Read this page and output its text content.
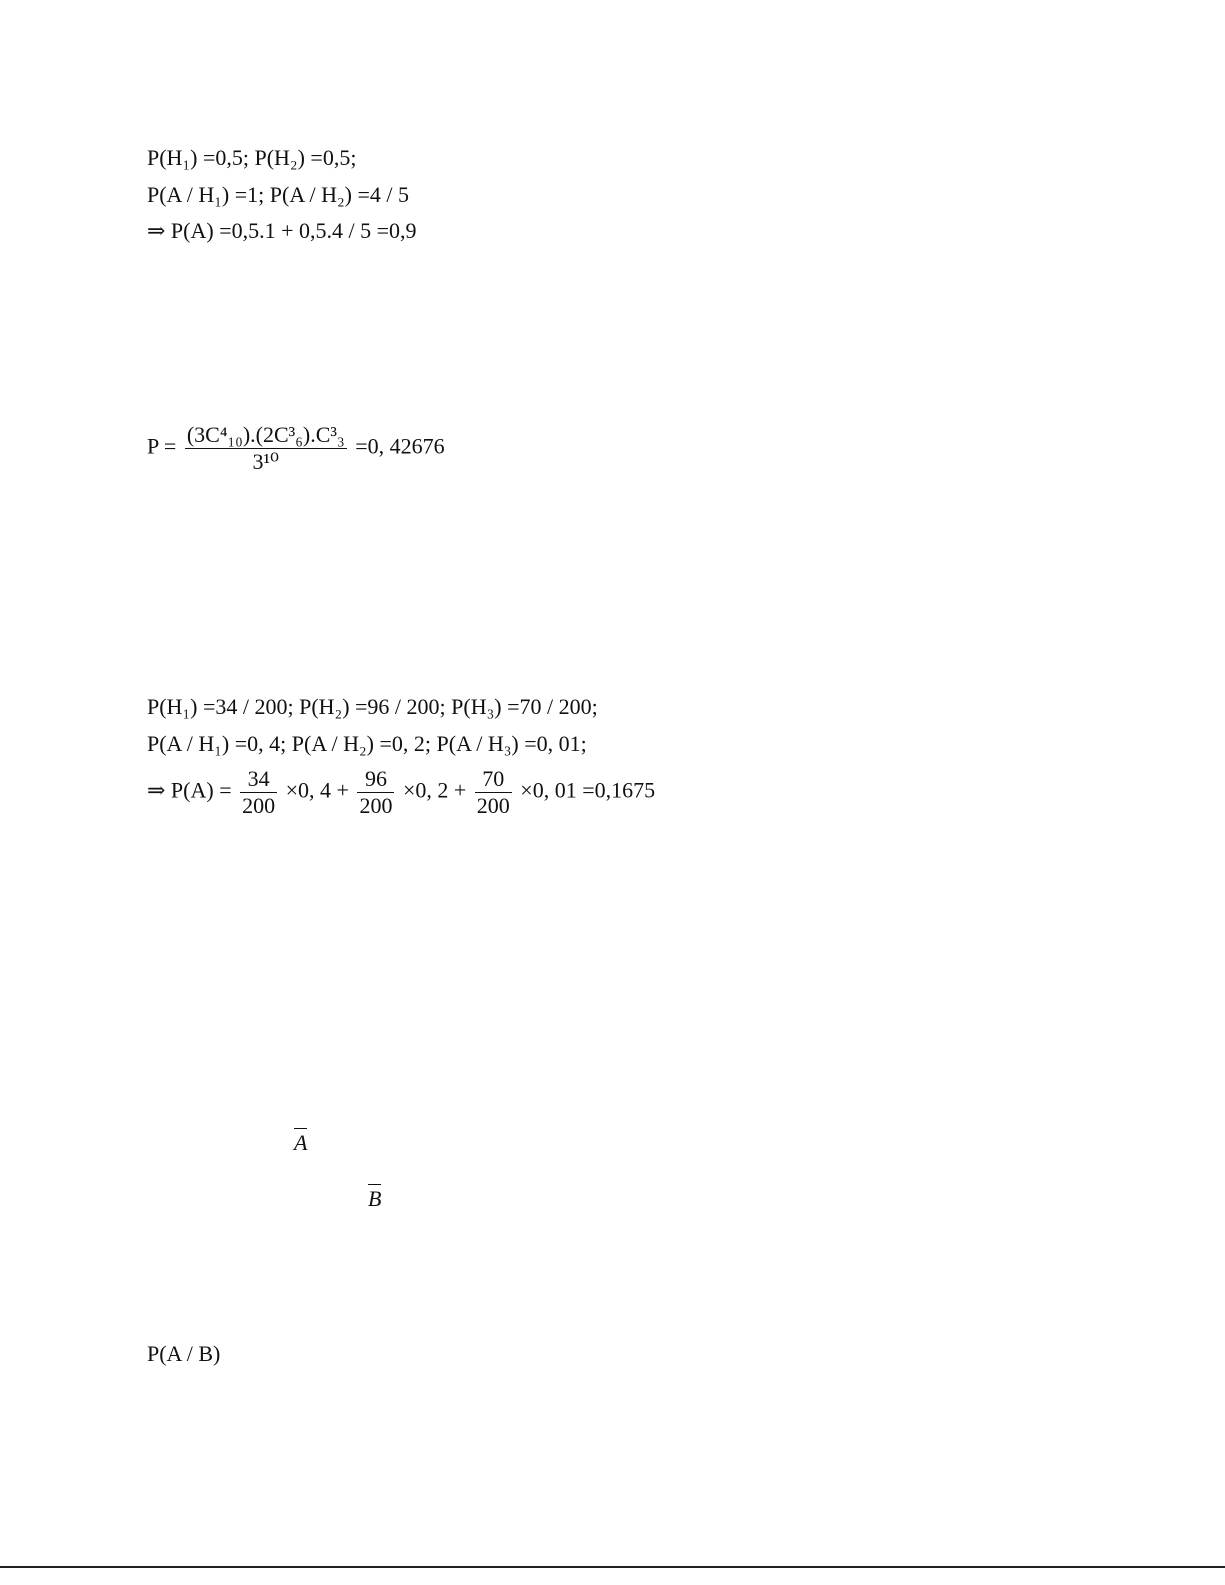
P(H₁) =0,5; P(H₂) =0,5;
P(A / H₁) =1; P(A / H₂) =4 / 5
⇒ P(A) =0,5.1 + 0,5.4 / 5 =0,9
$P = \frac{\text{(3C⁴₁₀).(2C³₆).C³₃}}{\text{3¹⁰}} =0$, 42676
P(H₁) =34 / 200; P(H₂) =96 / 200; P(H₃) =70 / 200;
P(A / H₁) =0, 4; P(A / H₂) =0, 2; P(A / H₃) =0, 01;
⇒ $P(A) = \frac{34}{200} \times 0$, $4 + \frac{96}{200} \times 0$, $2 + \frac{70}{200} \times 0$, 01 =0,1675
A
B
P(A / B)
